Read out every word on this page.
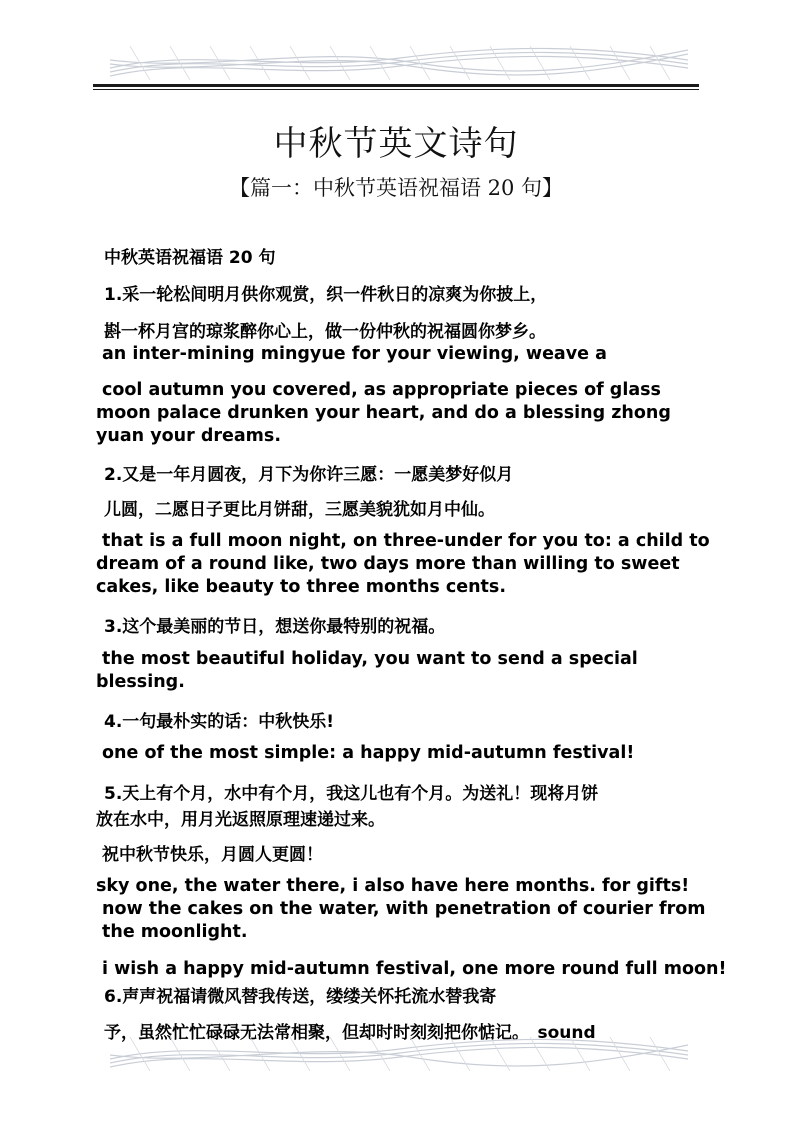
中秋节英文诗句
【篇一：中秋节英语祝福语 20 句】
中秋英语祝福语 20 句
1.采一轮松间明月供你观赏，织一件秋日的凉爽为你披上，
斟一杯月宫的琼浆醉你心上，做一份仲秋的祝福圆你梦乡。
an inter-mining mingyue for your viewing, weave a
cool autumn you covered, as appropriate pieces of glass
moon palace drunken your heart, and do a blessing zhong
yuan your dreams.
2.又是一年月圆夜，月下为你许三愿：一愿美梦好似月
儿圆，二愿日子更比月饼甜，三愿美貌犹如月中仙。
that is a full moon night, on three-under for you to: a child to
dream of a round like, two days more than willing to sweet
cakes, like beauty to three months cents.
3.这个最美丽的节日，想送你最特别的祝福。
the most beautiful holiday, you want to send a special
blessing.
4.一句最朴实的话：中秋快乐!
one of the most simple: a happy mid-autumn festival!
5.天上有个月，水中有个月，我这儿也有个月。为送礼！现将月饼
放在水中，用月光返照原理速递过来。
祝中秋节快乐，月圆人更圆！
sky one, the water there, i also have here months. for gifts!
now the cakes on the water, with penetration of courier from
the moonlight.
i wish a happy mid-autumn festival, one more round full moon!
6.声声祝福请微风替我传送，缕缕关怀托流水替我寄
予，虽然忙忙碌碌无法常相聚，但却时时刻刻把你惦记。　sound
